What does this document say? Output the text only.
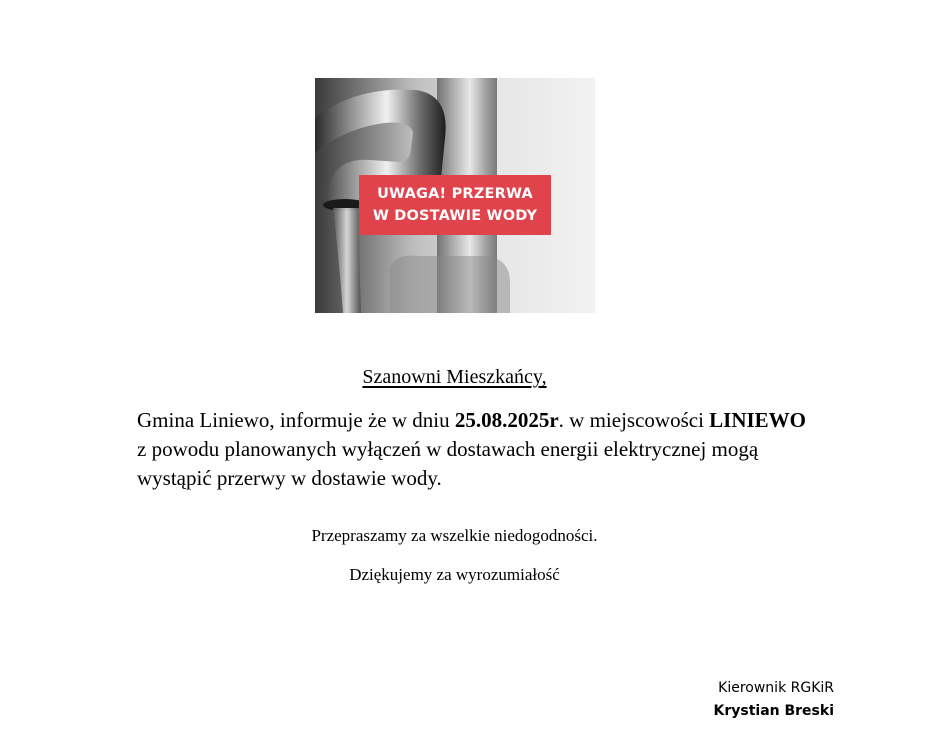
UWAGA! PRZERWA
W DOSTAWIE WODY
Szanowni Mieszkańcy,
Gmina Liniewo, informuje że w dniu 25.08.2025r. w miejscowości LINIEWO z powodu planowanych wyłączeń w dostawach energii elektrycznej mogą wystąpić przerwy w dostawie wody.
Przepraszamy za wszelkie niedogodności.
Dziękujemy za wyrozumiałość
Kierownik RGKiR
Krystian Breski
